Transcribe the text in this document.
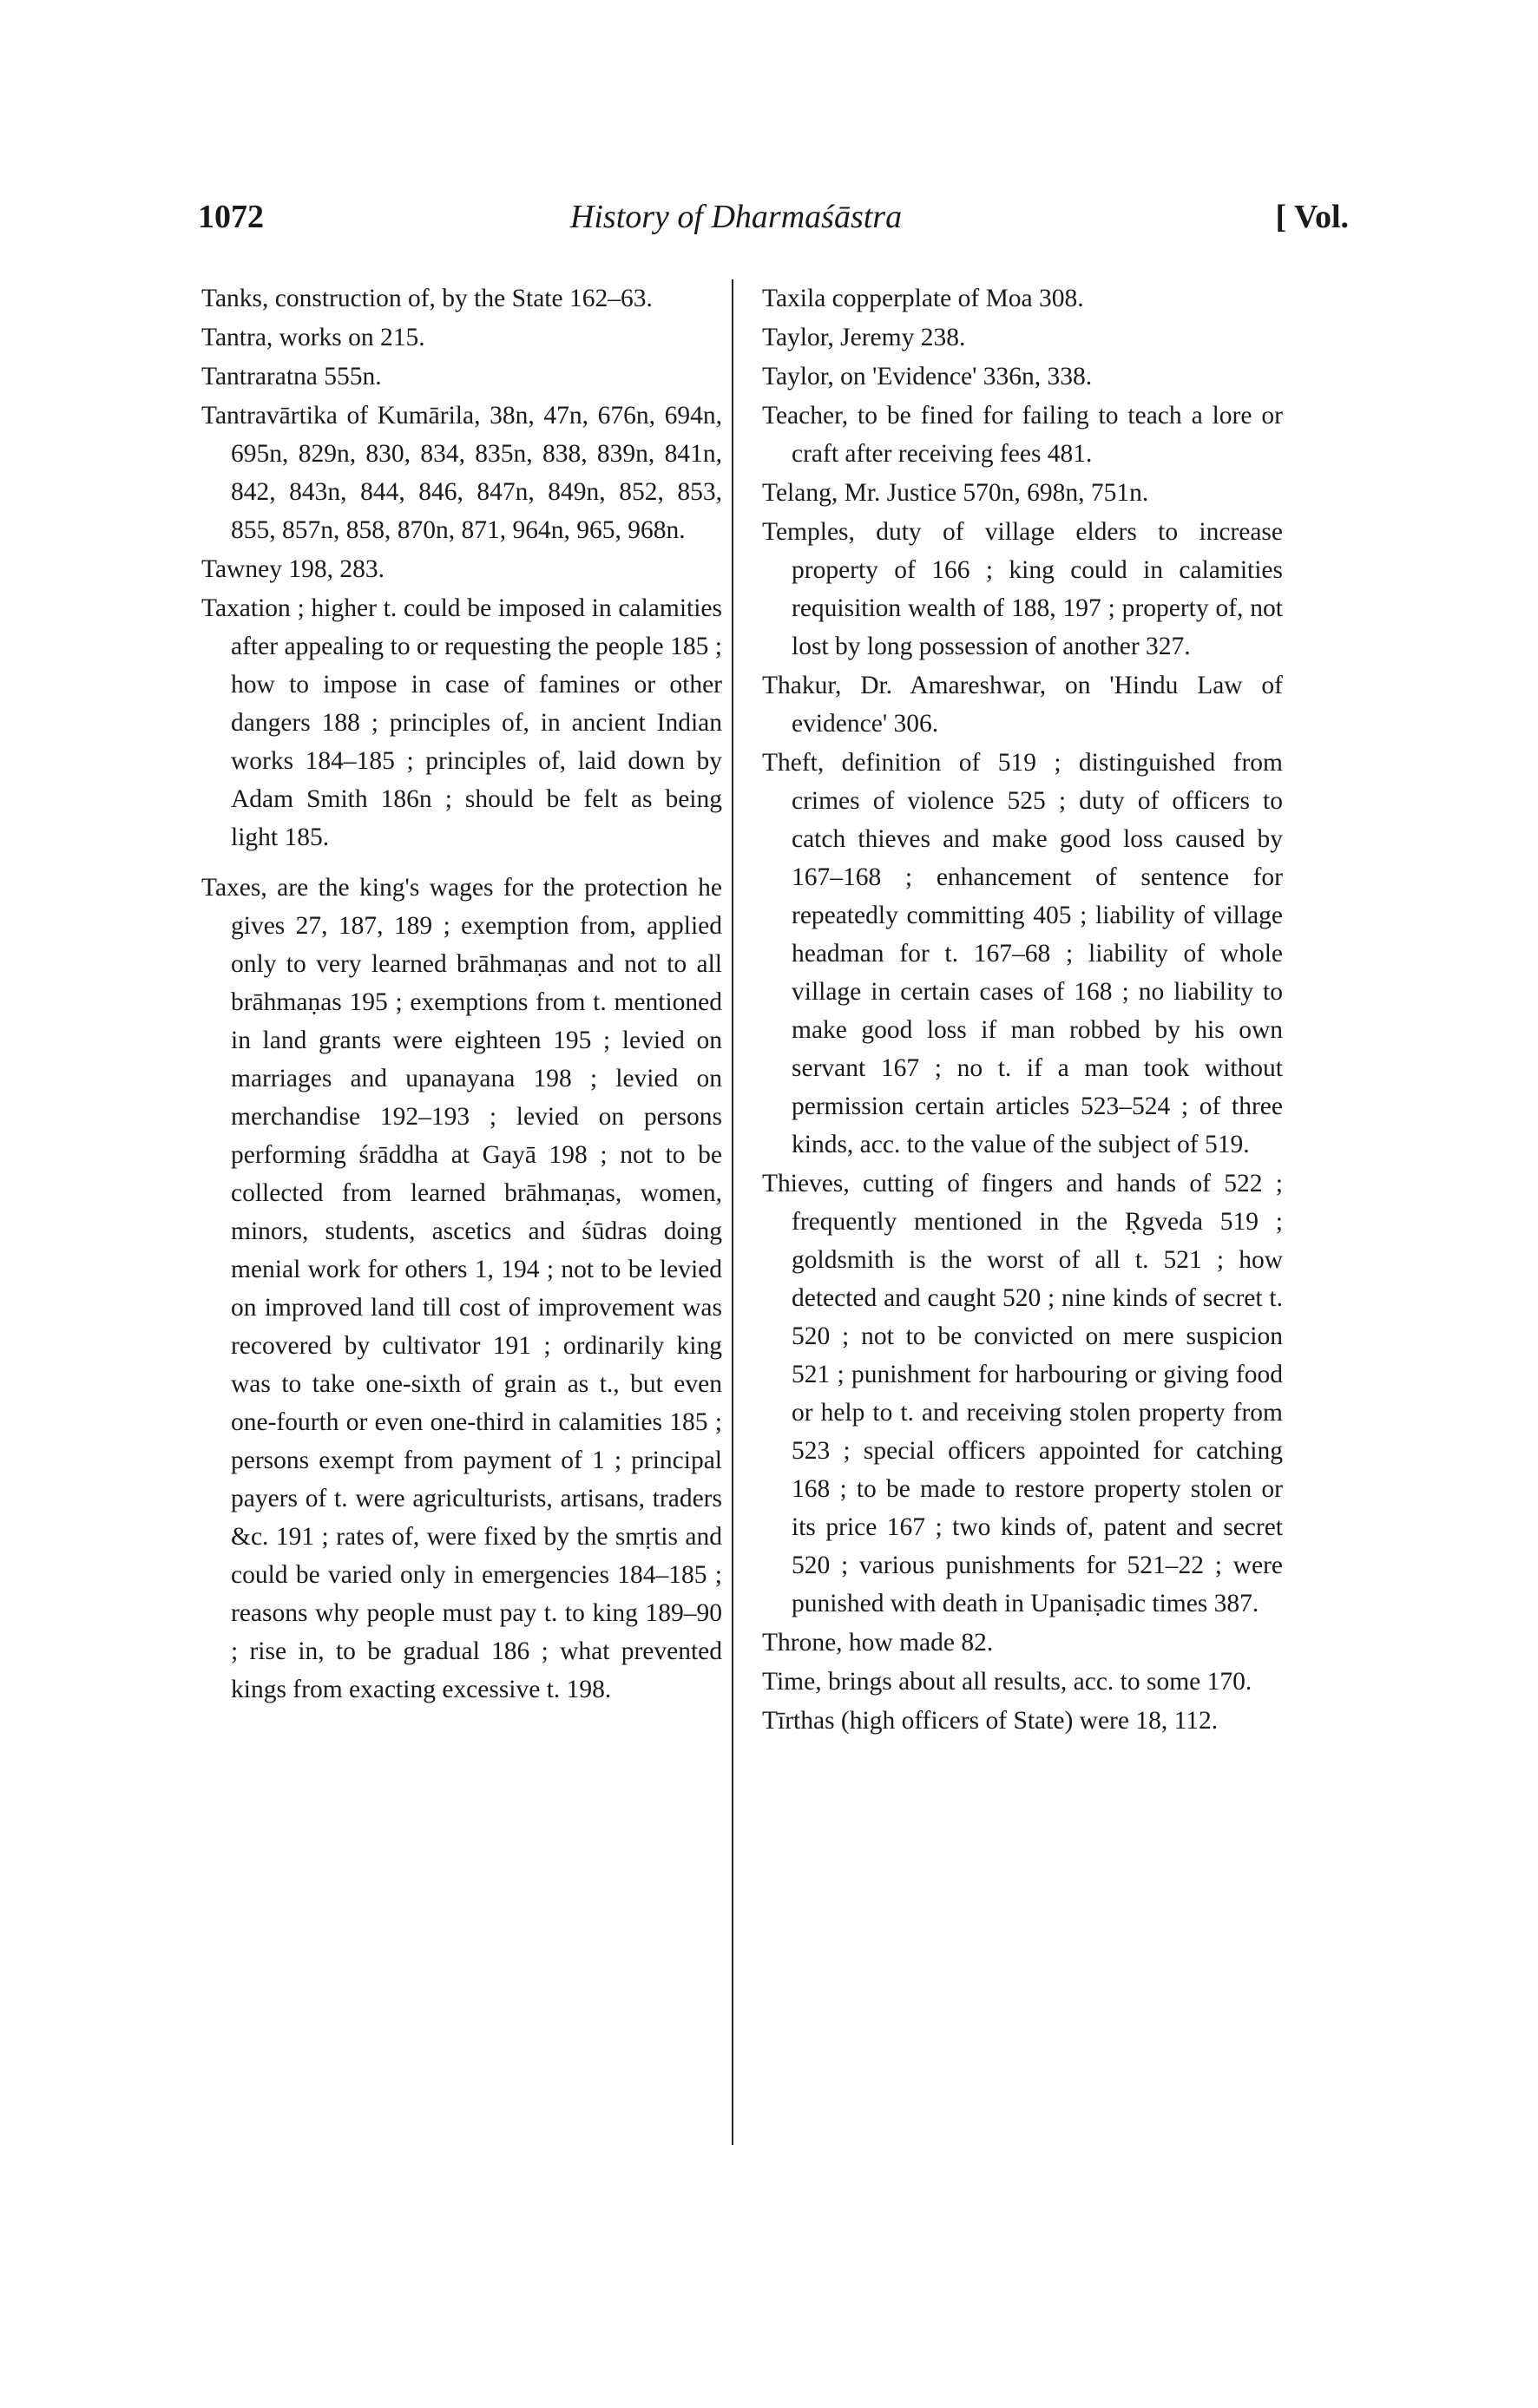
1072	History of Dharmaśāstra	[ Vol.

Tanks, construction of, by the State 162–63.

Tantra, works on 215.

Tantraratna 555n.

Tantravārtika of Kumārila, 38n, 47n, 676n, 694n, 695n, 829n, 830, 834, 835n, 838, 839n, 841n, 842, 843n, 844, 846, 847n, 849n, 852, 853, 855, 857n, 858, 870n, 871, 964n, 965, 968n.

Tawney 198, 283.

Taxation ; higher t. could be imposed in calamities after appealing to or requesting the people 185 ; how to impose in case of famines or other dangers 188 ; principles of, in ancient Indian works 184–185 ; principles of, laid down by Adam Smith 186n ; should be felt as being light 185.

Taxes, are the king's wages for the protection he gives 27, 187, 189 ; exemption from, applied only to very learned brāhmaṇas and not to all brāhmaṇas 195 ; exemptions from t. mentioned in land grants were eighteen 195 ; levied on marriages and upanayana 198 ; levied on merchandise 192–193 ; levied on persons performing śrāddha at Gayā 198 ; not to be collected from learned brāhmaṇas, women, minors, students, ascetics and śūdras doing menial work for others 1, 194 ; not to be levied on improved land till cost of improvement was recovered by cultivator 191 ; ordinarily king was to take one-sixth of grain as t., but even one-fourth or even one-third in calamities 185 ; persons exempt from payment of 1 ; principal payers of t. were agriculturists, artisans, traders &c. 191 ; rates of, were fixed by the smṛtis and could be varied only in emergencies 184–185 ; reasons why people must pay t. to king 189–90 ; rise in, to be gradual 186 ; what prevented kings from exacting excessive t. 198.

Taxila copperplate of Moa 308.

Taylor, Jeremy 238.

Taylor, on 'Evidence' 336n, 338.

Teacher, to be fined for failing to teach a lore or craft after receiving fees 481.

Telang, Mr. Justice 570n, 698n, 751n.

Temples, duty of village elders to increase property of 166 ; king could in calamities requisition wealth of 188, 197 ; property of, not lost by long possession of another 327.

Thakur, Dr. Amareshwar, on 'Hindu Law of evidence' 306.

Theft, definition of 519 ; distinguished from crimes of violence 525 ; duty of officers to catch thieves and make good loss caused by 167–168 ; enhancement of sentence for repeatedly committing 405 ; liability of village headman for t. 167–68 ; liability of whole village in certain cases of 168 ; no liability to make good loss if man robbed by his own servant 167 ; no t. if a man took without permission certain articles 523–524 ; of three kinds, acc. to the value of the subject of 519.

Thieves, cutting of fingers and hands of 522 ; frequently mentioned in the Ṛgveda 519 ; goldsmith is the worst of all t. 521 ; how detected and caught 520 ; nine kinds of secret t. 520 ; not to be convicted on mere suspicion 521 ; punishment for harbouring or giving food or help to t. and receiving stolen property from 523 ; special officers appointed for catching 168 ; to be made to restore property stolen or its price 167 ; two kinds of, patent and secret 520 ; various punishments for 521–22 ; were punished with death in Upaniṣadic times 387.

Throne, how made 82.

Time, brings about all results, acc. to some 170.

Tīrthas (high officers of State) were 18, 112.
